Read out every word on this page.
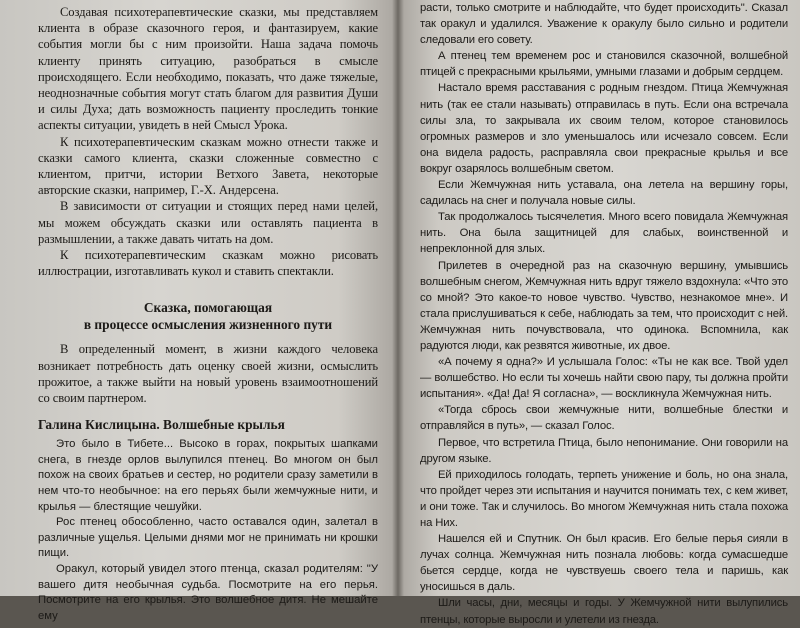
Создавая психотерапевтические сказки, мы представляем клиента в образе сказочного героя, и фантазируем, какие события могли бы с ним произойти. Наша задача помочь клиенту принять ситуацию, разобраться в смысле происходящего. Если необходимо, показать, что даже тяжелые, неоднозначные события могут стать благом для развития Души и силы Духа; дать возможность пациенту проследить тонкие аспекты ситуации, увидеть в ней Смысл Урока.

К психотерапевтическим сказкам можно отнести также и сказки самого клиента, сказки сложенные совместно с клиентом, притчи, истории Ветхого Завета, некоторые авторские сказки, например, Г.-Х. Андерсена.

В зависимости от ситуации и стоящих перед нами целей, мы можем обсуждать сказки или оставлять пациента в размышлении, а также давать читать на дом.

К психотерапевтическим сказкам можно рисовать иллюстрации, изготавливать кукол и ставить спектакли.

Сказка, помогающая
в процессе осмысления жизненного пути

В определенный момент, в жизни каждого человека возникает потребность дать оценку своей жизни, осмыслить прожитое, а также выйти на новый уровень взаимоотношений со своим партнером.

Галина Кислицына. Волшебные крылья

Это было в Тибете... Высоко в горах, покрытых шапками снега, в гнезде орлов вылупился птенец. Во многом он был похож на своих братьев и сестер, но родители сразу заметили в нем что-то необычное: на его перьях были жемчужные нити, и крылья — блестящие чешуйки.

Рос птенец обособленно, часто оставался один, залетал в различные ущелья. Целыми днями мог не принимать ни крошки пищи.

Оракул, который увидел этого птенца, сказал родителям: "У вашего дитя необычная судьба. Посмотрите на его перья. Посмотрите на его крылья. Это волшебное дитя. Не мешайте ему

расти, только смотрите и наблюдайте, что будет происходить". Сказал так оракул и удалился. Уважение к оракулу было сильно и родители следовали его совету.

А птенец тем временем рос и становился сказочной, волшебной птицей с прекрасными крыльями, умными глазами и добрым сердцем.

Настало время расставания с родным гнездом. Птица Жемчужная нить (так ее стали называть) отправилась в путь. Если она встречала силы зла, то закрывала их своим телом, которое становилось огромных размеров и зло уменьшалось или исчезало совсем. Если она видела радость, расправляла свои прекрасные крылья и все вокруг озарялось волшебным светом.

Если Жемчужная нить уставала, она летела на вершину горы, садилась на снег и получала новые силы.

Так продолжалось тысячелетия. Много всего повидала Жемчужная нить. Она была защитницей для слабых, воинственной и непреклонной для злых.

Прилетев в очередной раз на сказочную вершину, умывшись волшебным снегом, Жемчужная нить вдруг тяжело вздохнула: «Что это со мной? Это какое-то новое чувство. Чувство, незнакомое мне». И стала прислушиваться к себе, наблюдать за тем, что происходит с ней. Жемчужная нить почувствовала, что одинока. Вспомнила, как радуются люди, как резвятся животные, их двое.

«А почему я одна?» И услышала Голос: «Ты не как все. Твой удел — волшебство. Но если ты хочешь найти свою пару, ты должна пройти испытания». «Да! Да! Я согласна», — воскликнула Жемчужная нить.

«Тогда сбрось свои жемчужные нити, волшебные блестки и отправляйся в путь», — сказал Голос.

Первое, что встретила Птица, было непонимание. Они говорили на другом языке.

Ей приходилось голодать, терпеть унижение и боль, но она знала, что пройдет через эти испытания и научится понимать тех, с кем живет, и они тоже. Так и случилось. Во многом Жемчужная нить стала похожа на Них.

Нашелся ей и Спутник. Он был красив. Его белые перья сияли в лучах солнца. Жемчужная нить познала любовь: когда сумасшедше бьется сердце, когда не чувствуешь своего тела и паришь, как уносишься в даль.

Шли часы, дни, месяцы и годы. У Жемчужной нити вылупились птенцы, которые выросли и улетели из гнезда.
